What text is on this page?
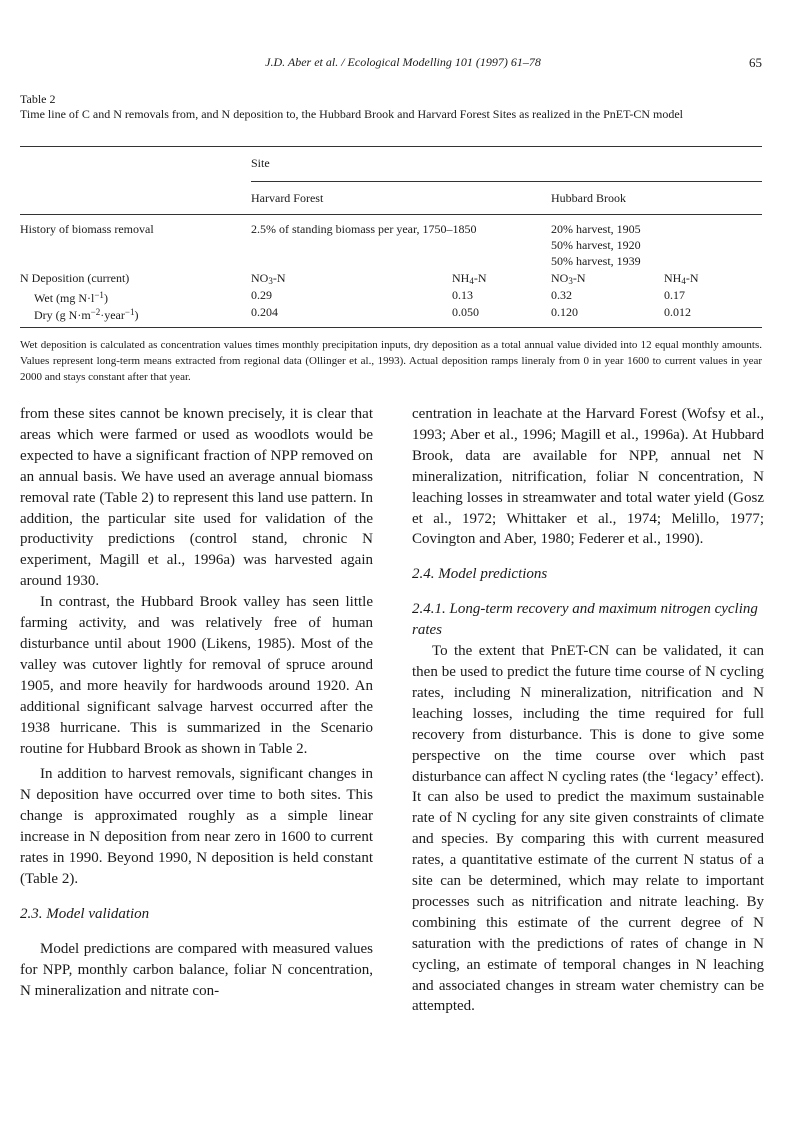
J.D. Aber et al. / Ecological Modelling 101 (1997) 61–78	65
Table 2
Time line of C and N removals from, and N deposition to, the Hubbard Brook and Harvard Forest Sites as realized in the PnET-CN model
Site
Harvard Forest	Hubbard Brook
History of biomass removal	2.5% of standing biomass per year, 1750–1850	20% harvest, 1905
50% harvest, 1920
50% harvest, 1939
N Deposition (current)	$NO_3-N$	$NH_4-N$	$NO_3-N$	$NH_4-N$
Wet (mg $N\cdot l^{-1}$)	0.29	0.13	0.32	0.17
Dry (g $N\cdot m^{-2}\cdot year^{-1}$)	0.204	0.050	0.120	0.012
Wet deposition is calculated as concentration values times monthly precipitation inputs, dry deposition as a total annual value divided into 12 equal monthly amounts. Values represent long-term means extracted from regional data (Ollinger et al., 1993). Actual deposition ramps lineraly from 0 in year 1600 to current values in year 2000 and stays constant after that year.

from these sites cannot be known precisely, it is clear that areas which were farmed or used as woodlots would be expected to have a significant fraction of NPP removed on an annual basis. We have used an average annual biomass removal rate (Table 2) to represent this land use pattern. In addition, the particular site used for validation of the productivity predictions (control stand, chronic N experiment, Magill et al., 1996a) was harvested again around 1930.

In contrast, the Hubbard Brook valley has seen little farming activity, and was relatively free of human disturbance until about 1900 (Likens, 1985). Most of the valley was cutover lightly for removal of spruce around 1905, and more heavily for hardwoods around 1920. An additional significant salvage harvest occurred after the 1938 hurricane. This is summarized in the Scenario routine for Hubbard Brook as shown in Table 2.

In addition to harvest removals, significant changes in N deposition have occurred over time to both sites. This change is approximated roughly as a simple linear increase in N deposition from near zero in 1600 to current rates in 1990. Beyond 1990, N deposition is held constant (Table 2).

2.3. Model validation

Model predictions are compared with measured values for NPP, monthly carbon balance, foliar N concentration, N mineralization and nitrate con-

centration in leachate at the Harvard Forest (Wofsy et al., 1993; Aber et al., 1996; Magill et al., 1996a). At Hubbard Brook, data are available for NPP, annual net N mineralization, nitrification, foliar N concentration, N leaching losses in streamwater and total water yield (Gosz et al., 1972; Whittaker et al., 1974; Melillo, 1977; Covington and Aber, 1980; Federer et al., 1990).

2.4. Model predictions
2.4.1. Long-term recovery and maximum nitrogen cycling rates

To the extent that PnET-CN can be validated, it can then be used to predict the future time course of N cycling rates, including N mineralization, nitrification and N leaching losses, including the time required for full recovery from disturbance. This is done to give some perspective on the time course over which past disturbance can affect N cycling rates (the ‘legacy’ effect). It can also be used to predict the maximum sustainable rate of N cycling for any site given constraints of climate and species. By comparing this with current measured rates, a quantitative estimate of the current N status of a site can be determined, which may relate to important processes such as nitrification and nitrate leaching. By combining this estimate of the current degree of N saturation with the predictions of rates of change in N cycling, an estimate of temporal changes in N leaching and associated changes in stream water chemistry can be attempted.
